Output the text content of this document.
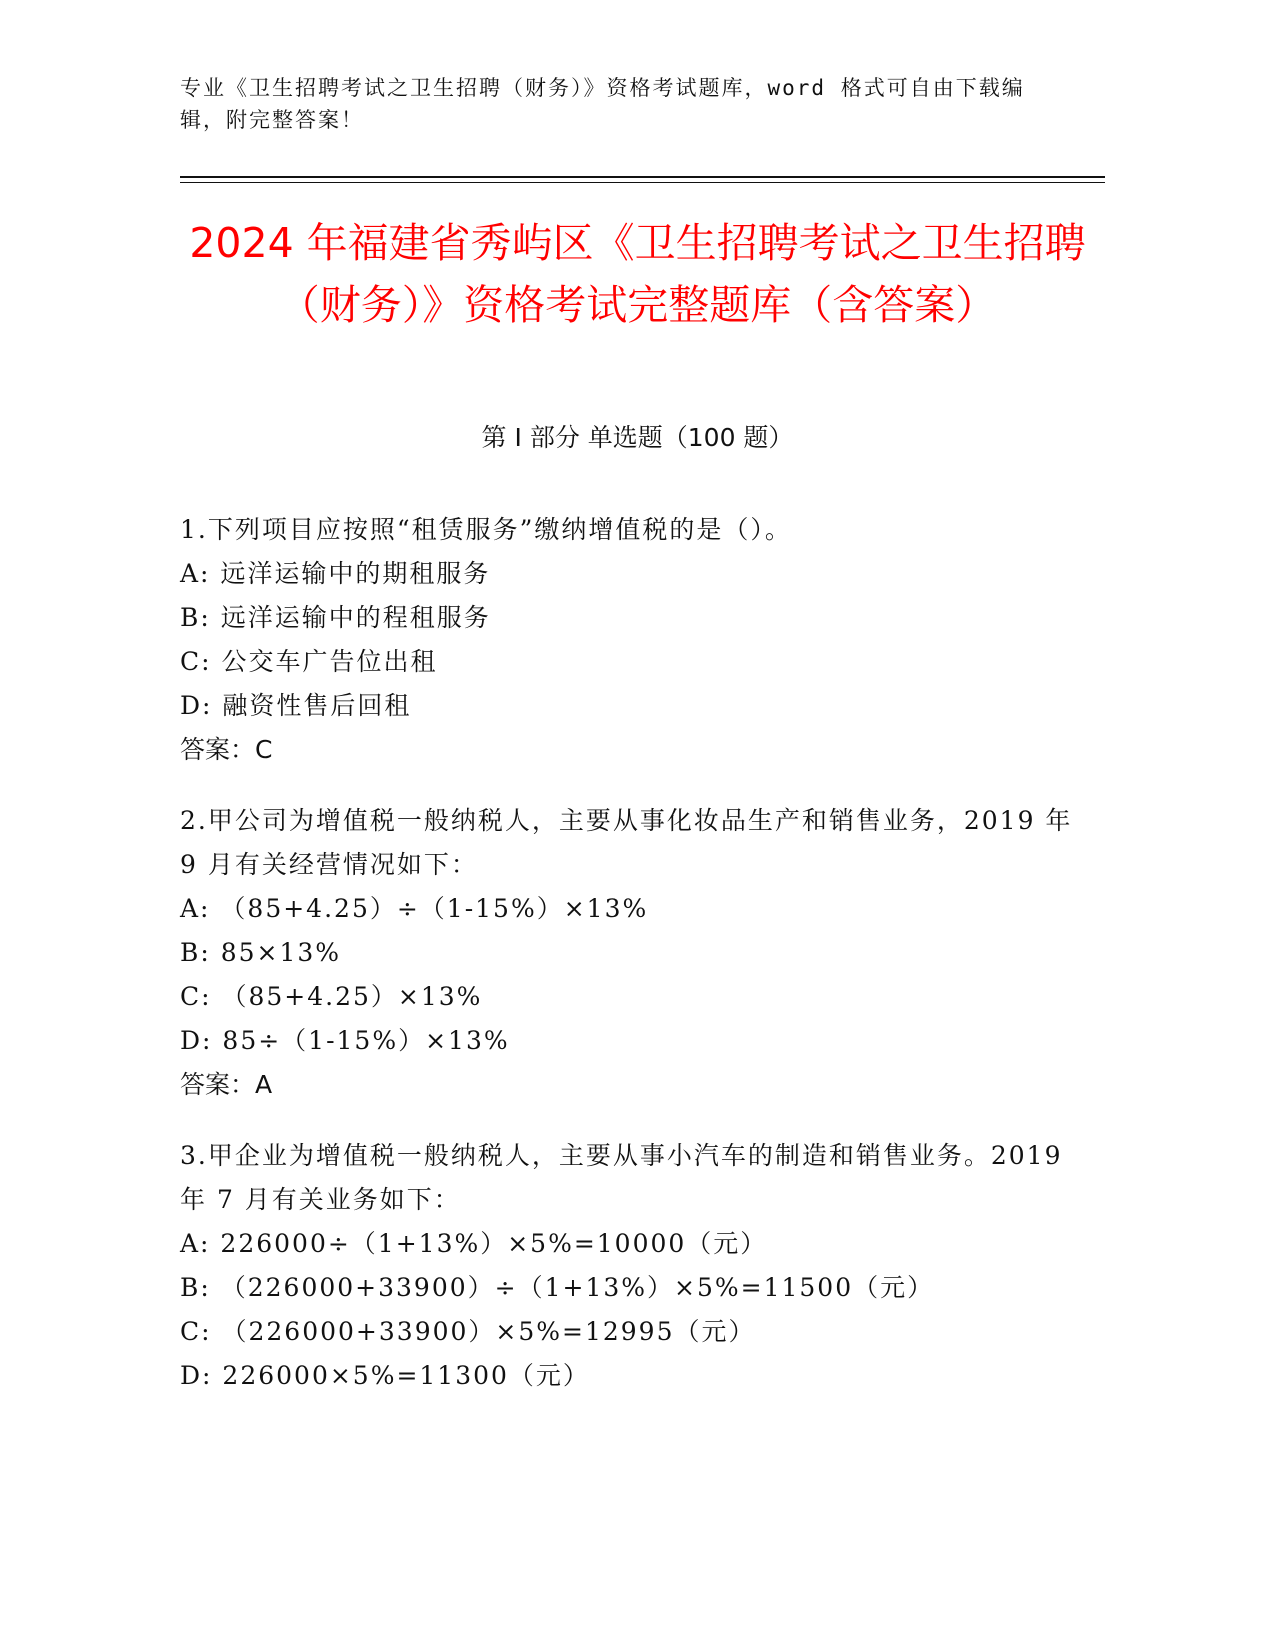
专业《卫生招聘考试之卫生招聘（财务）》资格考试题库，word 格式可自由下载编辑，附完整答案！
2024 年福建省秀屿区《卫生招聘考试之卫生招聘（财务）》资格考试完整题库（含答案）
第 I 部分 单选题（100 题）
1.下列项目应按照“租赁服务”缴纳增值税的是（）。
A: 远洋运输中的期租服务
B: 远洋运输中的程租服务
C: 公交车广告位出租
D: 融资性售后回租
答案：C
2.甲公司为增值税一般纳税人，主要从事化妆品生产和销售业务，2019 年 9 月有关经营情况如下：
A: （85+4.25）÷（1-15%）×13%
B: 85×13%
C: （85+4.25）×13%
D: 85÷（1-15%）×13%
答案：A
3.甲企业为增值税一般纳税人，主要从事小汽车的制造和销售业务。2019 年 7 月有关业务如下：
A: 226000÷（1+13%）×5%=10000（元）
B: （226000+33900）÷（1+13%）×5%=11500（元）
C: （226000+33900）×5%=12995（元）
D: 226000×5%=11300（元）
